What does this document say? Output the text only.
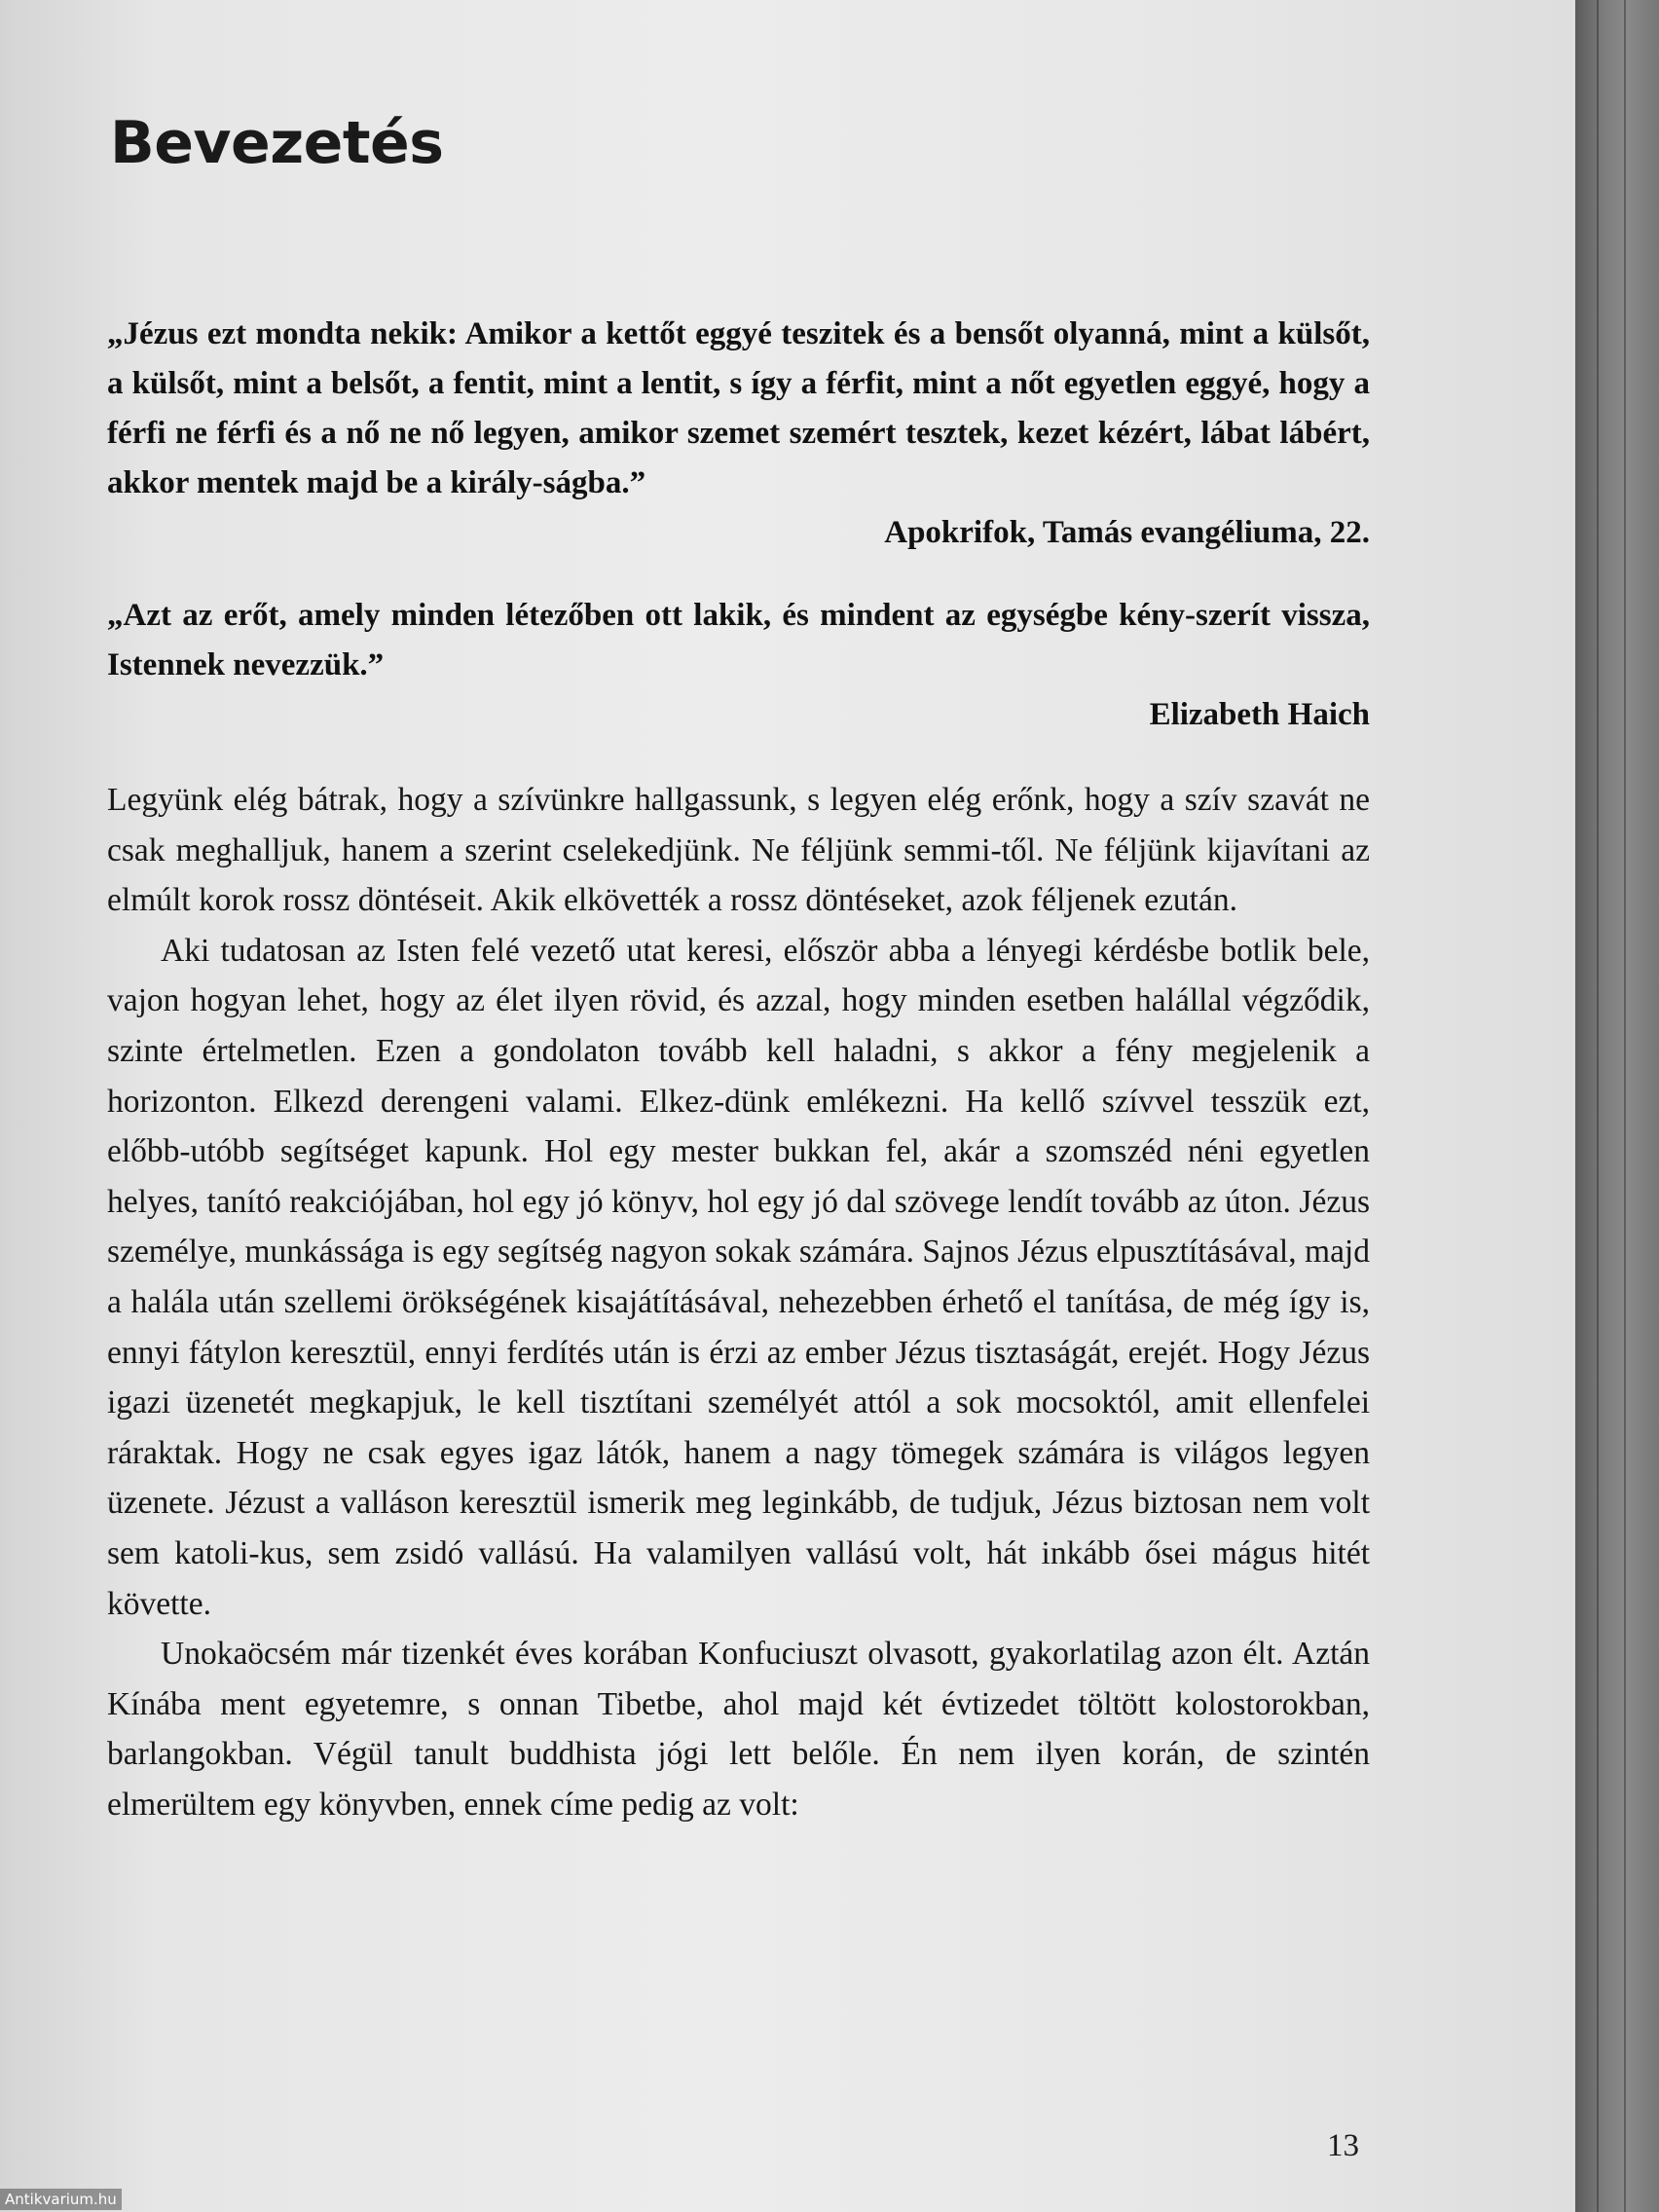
Bevezetés

„Jézus ezt mondta nekik: Amikor a kettőt eggyé teszitek és a bensőt olyanná, mint a külsőt, a külsőt, mint a belsőt, a fentit, mint a lentit, s így a férfit, mint a nőt egyetlen eggyé, hogy a férfi ne férfi és a nő ne nő legyen, amikor szemet szemért tesztek, kezet kézért, lábat lábért, akkor mentek majd be a király-ságba.”

Apokrifok, Tamás evangéliuma, 22.

„Azt az erőt, amely minden létezőben ott lakik, és mindent az egységbe kény-szerít vissza, Istennek nevezzük.”

Elizabeth Haich

Legyünk elég bátrak, hogy a szívünkre hallgassunk, s legyen elég erőnk, hogy a szív szavát ne csak meghalljuk, hanem a szerint cselekedjünk. Ne féljünk semmi-től. Ne féljünk kijavítani az elmúlt korok rossz döntéseit. Akik elkövették a rossz döntéseket, azok féljenek ezután.

Aki tudatosan az Isten felé vezető utat keresi, először abba a lényegi kérdésbe botlik bele, vajon hogyan lehet, hogy az élet ilyen rövid, és azzal, hogy minden esetben halállal végződik, szinte értelmetlen. Ezen a gondolaton tovább kell haladni, s akkor a fény megjelenik a horizonton. Elkezd derengeni valami. Elkez-dünk emlékezni. Ha kellő szívvel tesszük ezt, előbb-utóbb segítséget kapunk. Hol egy mester bukkan fel, akár a szomszéd néni egyetlen helyes, tanító reakciójában, hol egy jó könyv, hol egy jó dal szövege lendít tovább az úton. Jézus személye, munkássága is egy segítség nagyon sokak számára. Sajnos Jézus elpusztításával, majd a halála után szellemi örökségének kisajátításával, nehezebben érhető el tanítása, de még így is, ennyi fátylon keresztül, ennyi ferdítés után is érzi az ember Jézus tisztaságát, erejét. Hogy Jézus igazi üzenetét megkapjuk, le kell tisztítani személyét attól a sok mocsoktól, amit ellenfelei ráraktak. Hogy ne csak egyes igaz látók, hanem a nagy tömegek számára is világos legyen üzenete. Jézust a valláson keresztül ismerik meg leginkább, de tudjuk, Jézus biztosan nem volt sem katoli-kus, sem zsidó vallású. Ha valamilyen vallású volt, hát inkább ősei mágus hitét követte.

Unokaöcsém már tizenkét éves korában Konfuciuszt olvasott, gyakorlatilag azon élt. Aztán Kínába ment egyetemre, s onnan Tibetbe, ahol majd két évtizedet töltött kolostorokban, barlangokban. Végül tanult buddhista jógi lett belőle. Én nem ilyen korán, de szintén elmerültem egy könyvben, ennek címe pedig az volt:

13
Antikvarium.hu
